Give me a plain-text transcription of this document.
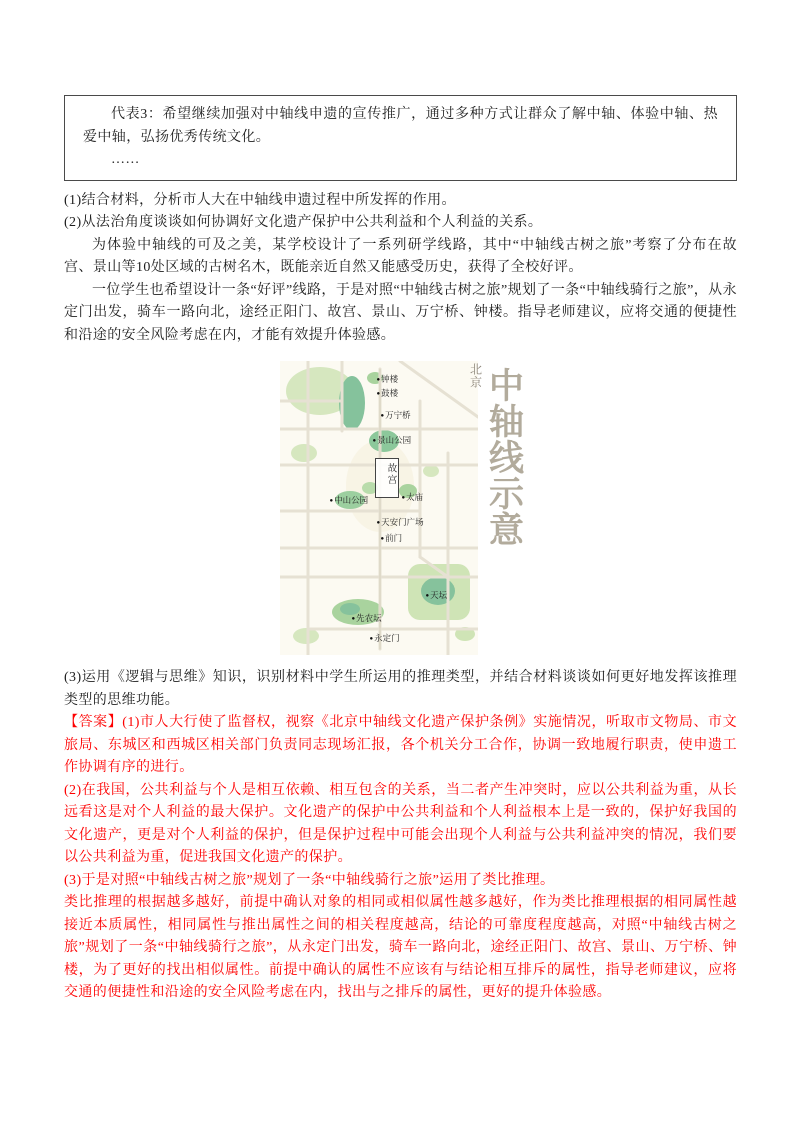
代表3：希望继续加强对中轴线申遗的宣传推广，通过多种方式让群众了解中轴、体验中轴、热爱中轴，弘扬优秀传统文化。

……

(1)结合材料，分析市人大在中轴线申遗过程中所发挥的作用。

(2)从法治角度谈谈如何协调好文化遗产保护中公共利益和个人利益的关系。

为体验中轴线的可及之美，某学校设计了一系列研学线路，其中“中轴线古树之旅”考察了分布在故宫、景山等10处区域的古树名木，既能亲近自然又能感受历史，获得了全校好评。

一位学生也希望设计一条“好评”线路，于是对照“中轴线古树之旅”规划了一条“中轴线骑行之旅”，从永定门出发，骑车一路向北，途经正阳门、故宫、景山、万宁桥、钟楼。指导老师建议，应将交通的便捷性和沿途的安全风险考虑在内，才能有效提升体验感。

● 钟楼
● 鼓楼
● 万宁桥
● 景山公园
● 中山公园	● 太庙
● 天安门广场
● 前门
● 天坛
● 先农坛
● 永定门
故宫
北京 中轴线示意

(3)运用《逻辑与思维》知识，识别材料中学生所运用的推理类型，并结合材料谈谈如何更好地发挥该推理类型的思维功能。

【答案】(1)市人大行使了监督权，视察《北京中轴线文化遗产保护条例》实施情况，听取市文物局、市文旅局、东城区和西城区相关部门负责同志现场汇报，各个机关分工合作，协调一致地履行职责，使申遗工作协调有序的进行。

(2)在我国，公共利益与个人是相互依赖、相互包含的关系，当二者产生冲突时，应以公共利益为重，从长远看这是对个人利益的最大保护。文化遗产的保护中公共利益和个人利益根本上是一致的，保护好我国的文化遗产，更是对个人利益的保护，但是保护过程中可能会出现个人利益与公共利益冲突的情况，我们要以公共利益为重，促进我国文化遗产的保护。

(3)于是对照“中轴线古树之旅”规划了一条“中轴线骑行之旅”运用了类比推理。

类比推理的根据越多越好，前提中确认对象的相同或相似属性越多越好，作为类比推理根据的相同属性越接近本质属性，相同属性与推出属性之间的相关程度越高，结论的可靠度程度越高，对照“中轴线古树之旅”规划了一条“中轴线骑行之旅”，从永定门出发，骑车一路向北，途经正阳门、故宫、景山、万宁桥、钟楼，为了更好的找出相似属性。前提中确认的属性不应该有与结论相互排斥的属性，指导老师建议，应将交通的便捷性和沿途的安全风险考虑在内，找出与之排斥的属性，更好的提升体验感。
